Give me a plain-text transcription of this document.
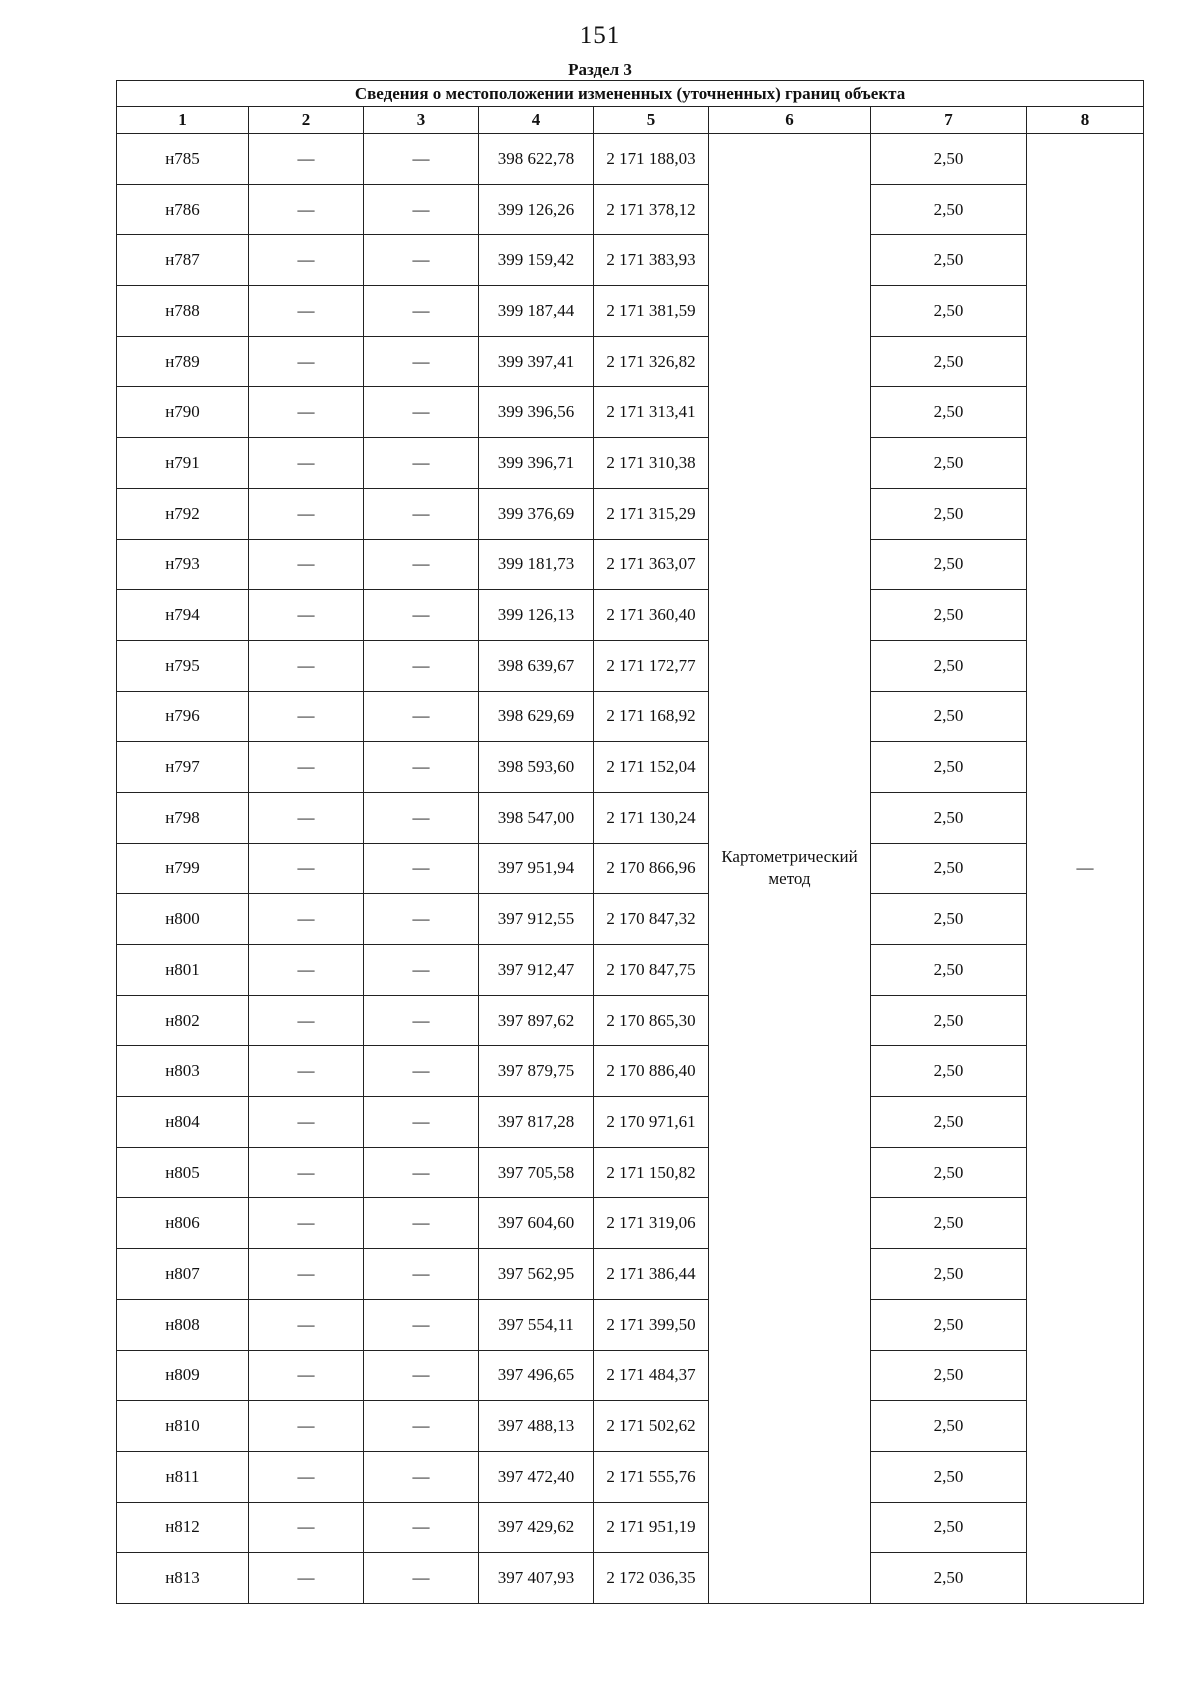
151
Раздел 3
Сведения о местоположении измененных (уточненных) границ объекта							
1	2	3	4	5	6	7	8
н785	—	—	398 622,78	2 171 188,03	Картометрический метод	2,50	—
н786	—	—	399 126,26	2 171 378,12		2,50	
н787	—	—	399 159,42	2 171 383,93		2,50	
н788	—	—	399 187,44	2 171 381,59		2,50	
н789	—	—	399 397,41	2 171 326,82		2,50	
н790	—	—	399 396,56	2 171 313,41		2,50	
н791	—	—	399 396,71	2 171 310,38		2,50	
н792	—	—	399 376,69	2 171 315,29		2,50	
н793	—	—	399 181,73	2 171 363,07		2,50	
н794	—	—	399 126,13	2 171 360,40		2,50	
н795	—	—	398 639,67	2 171 172,77		2,50	
н796	—	—	398 629,69	2 171 168,92		2,50	
н797	—	—	398 593,60	2 171 152,04		2,50	
н798	—	—	398 547,00	2 171 130,24		2,50	
н799	—	—	397 951,94	2 170 866,96		2,50	
н800	—	—	397 912,55	2 170 847,32		2,50	
н801	—	—	397 912,47	2 170 847,75		2,50	
н802	—	—	397 897,62	2 170 865,30		2,50	
н803	—	—	397 879,75	2 170 886,40		2,50	
н804	—	—	397 817,28	2 170 971,61		2,50	
н805	—	—	397 705,58	2 171 150,82		2,50	
н806	—	—	397 604,60	2 171 319,06		2,50	
н807	—	—	397 562,95	2 171 386,44		2,50	
н808	—	—	397 554,11	2 171 399,50		2,50	
н809	—	—	397 496,65	2 171 484,37		2,50	
н810	—	—	397 488,13	2 171 502,62		2,50	
н811	—	—	397 472,40	2 171 555,76		2,50	
н812	—	—	397 429,62	2 171 951,19		2,50	
н813	—	—	397 407,93	2 172 036,35		2,50	
